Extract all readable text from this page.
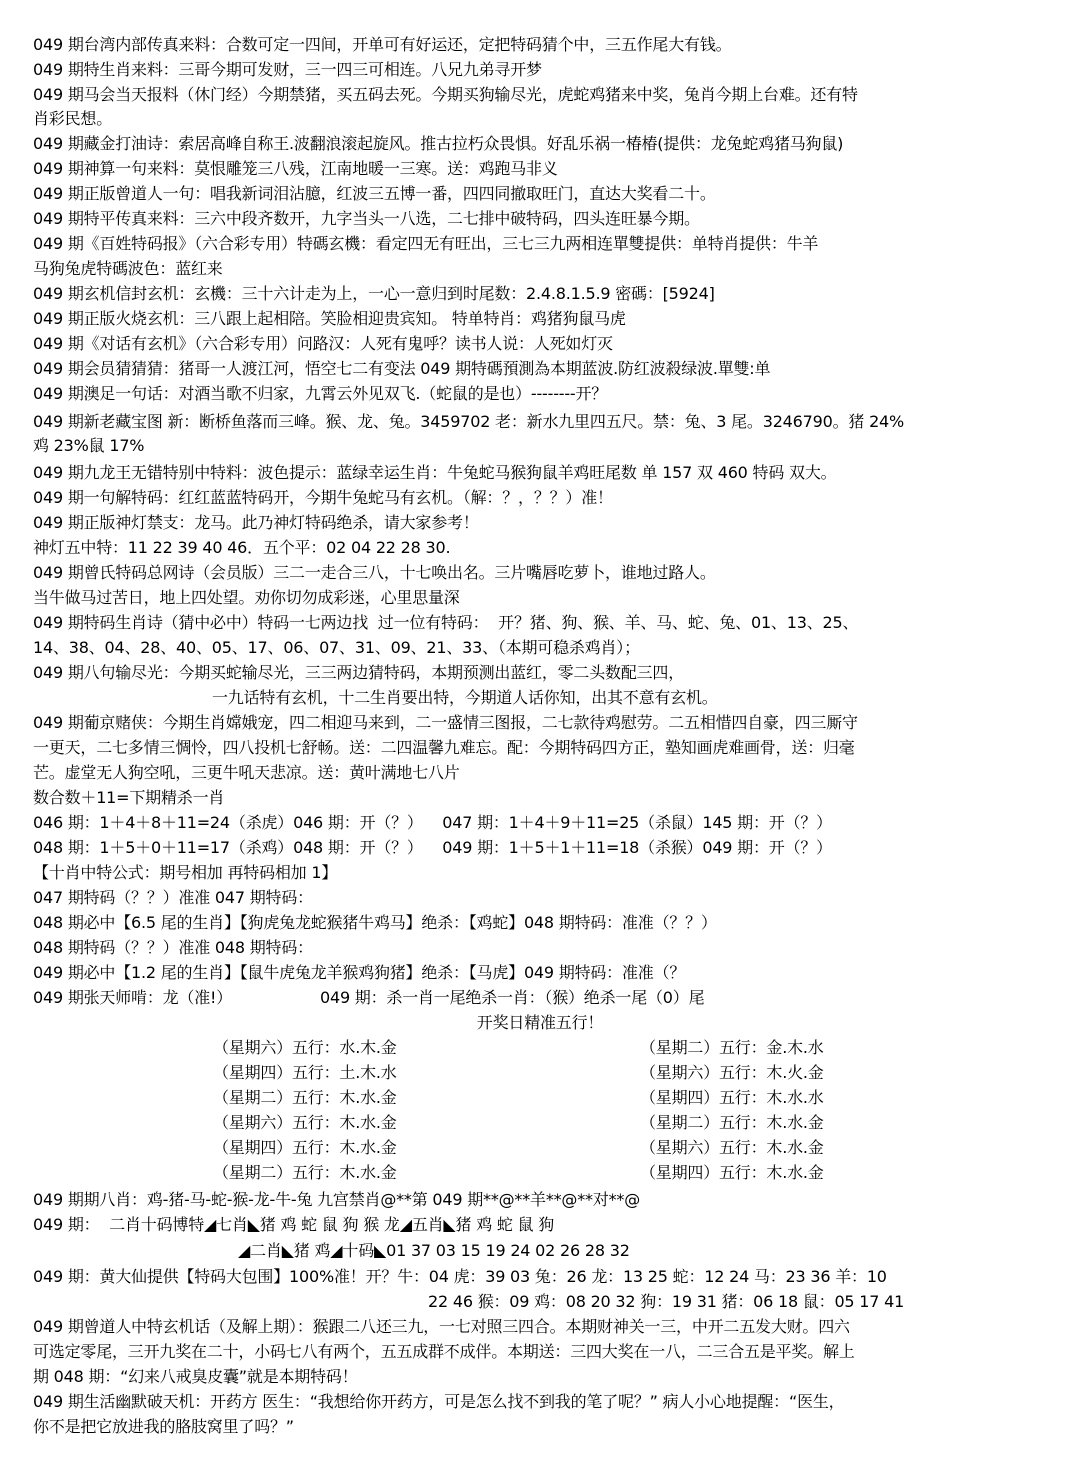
049 期台湾内部传真来料：合数可定一四间，开单可有好运还，定把特码猜个中，三五作尾大有钱。
049 期特生肖来料：三哥今期可发财，三一四三可相连。八兄九弟寻开梦
049 期马会当天报料（休门经）今期禁猪，买五码去死。今期买狗输尽光，虎蛇鸡猪来中奖，兔肖今期上台难。还有特
肖彩民想。
049 期藏金打油诗：索居高峰自称王.波翻浪滚起旋风。推古拉朽众畏惧。好乱乐祸一椿椿(提供：龙兔蛇鸡猪马狗鼠)
049 期神算一句来料：莫恨雕笼三八残，江南地暖一三寒。送：鸡跑马非义
049 期正版曾道人一句：唱我新词泪沾臆，红波三五博一番，四四同撤取旺门，直达大奖看二十。
049 期特平传真来料：三六中段齐数开，九字当头一八选，二七排中破特码，四头连旺暴今期。
049 期《百姓特码报》（六合彩专用）特碼玄機：看定四无有旺出，三七三九两相连單雙提供：单特肖提供：牛羊
马狗兔虎特碼波色：蓝红来
049 期玄机信封玄机：玄機：三十六计走为上，一心一意归到时尾数：2.4.8.1.5.9 密碼：[5924]
049 期正版火烧玄机：三八跟上起相陪。笑脸相迎贵宾知。 特单特肖：鸡猪狗鼠马虎
049 期《对话有玄机》（六合彩专用）问路汉：人死有鬼呼？读书人说：人死如灯灭
049 期会员猜猜猜：猪哥一人渡江河，悟空七二有变法 049 期特碼預測為本期蓝波.防红波殺绿波.單雙:单
049 期澳足一句话：对酒当歌不归家，九霄云外见双飞.（蛇鼠的是也）--------开？
049 期新老藏宝图 新：断桥鱼落而三峰。猴、龙、兔。3459702 老：新水九里四五尺。禁：兔、3 尾。3246790。猪 24%
鸡 23%鼠 17%
049 期九龙王无错特别中特料：波色提示：蓝绿幸运生肖：牛兔蛇马猴狗鼠羊鸡旺尾数 单 157 双 460 特码 双大。
049 期一句解特码：红红蓝蓝特码开，今期牛兔蛇马有玄机。（解：？，？？）准！
049 期正版神灯禁支：龙马。此乃神灯特码绝杀，请大家参考！
神灯五中特：11 22 39 40 46．五个平：02 04 22 28 30.
049 期曾氏特码总网诗（会员版）三二一走合三八，十七唤出名。三片嘴唇吃萝卜，谁地过路人。
当牛做马过苦日，地上四处望。劝你切勿成彩迷，心里思量深
049 期特码生肖诗（猜中必中）特码一七两边找  过一位有特码：  开？猪、狗、猴、羊、马、蛇、兔、01、13、25、
14、38、04、28、40、05、17、06、07、31、09、21、33、（本期可稳杀鸡肖）；
049 期八句输尽光：今期买蛇输尽光，三三两边猜特码，本期预测出蓝红，零二头数配三四，
一九话特有玄机，十二生肖要出特，今期道人话你知，出其不意有玄机。
049 期葡京赌侠：今期生肖嫦娥宠，四二相迎马来到，二一盛情三图报，二七款待鸡慰劳。二五相惜四自豪，四三厮守
一更天，二七多情三惆怜，四八投机七舒畅。送：二四温馨九难忘。配：今期特码四方正，塾知画虎难画骨，送：归毫
芒。虚堂无人狗空吼，三更牛吼天悲凉。送：黄叶满地七八片
数合数＋11=下期精杀一肖
046 期：1＋4＋8＋11=24（杀虎）046 期：开（？）    047 期：1＋4＋9＋11=25（杀鼠）145 期：开（？）
048 期：1＋5＋0＋11=17（杀鸡）048 期：开（？）    049 期：1＋5＋1＋11=18（杀猴）049 期：开（？）
【十肖中特公式：期号相加 再特码相加 1】
047 期特码（？？）准准 047 期特码：
048 期必中【6.5 尾的生肖】【狗虎兔龙蛇猴猪牛鸡马】绝杀：【鸡蛇】048 期特码：准准（？？）
048 期特码（？？）准准 048 期特码：
049 期必中【1.2 尾的生肖】【鼠牛虎兔龙羊猴鸡狗猪】绝杀：【马虎】049 期特码：准准（？
049 期张天师啃：龙（准!）                  049 期：杀一肖一尾绝杀一肖：（猴）绝杀一尾（0）尾
开奖日精准五行！
（星期六）五行：水.木.金
（星期四）五行：土.木.水
（星期二）五行：木.水.金
（星期六）五行：木.水.金
（星期四）五行：木.水.金
（星期二）五行：木.水.金
（星期二）五行：金.木.水
（星期六）五行：木.火.金
（星期四）五行：木.水.水
（星期二）五行：木.水.金
（星期六）五行：木.水.金
（星期四）五行：木.水.金
049 期期八肖：鸡-猪-马-蛇-猴-龙-牛-兔 九宫禁肖@**第 049 期**@**羊**@**对**@
049 期：  二肖十码博特◢七肖◣猪 鸡 蛇 鼠 狗 猴 龙◢五肖◣猪 鸡 蛇 鼠 狗
◢二肖◣猪 鸡◢十码◣01 37 03 15 19 24 02 26 28 32
049 期：黄大仙提供【特码大包围】100%准！开？牛：04 虎：39 03 兔：26 龙：13 25 蛇：12 24 马：23 36 羊：10
22 46 猴：09 鸡：08 20 32 狗：19 31 猪：06 18 鼠：05 17 41
049 期曾道人中特玄机话（及解上期）：猴跟二八还三九，一七对照三四合。本期财神关一三，中开二五发大财。四六
可选定零尾，三开九奖在二十，小码七八有两个，五五成群不成伴。本期送：三四大奖在一八，二三合五是平奖。解上
期 048 期：“幻来八戒臭皮囊”就是本期特码！
049 期生活幽默破天机：开药方 医生：“我想给你开药方，可是怎么找不到我的笔了呢？” 病人小心地提醒：“医生，
你不是把它放进我的胳肢窝里了吗？”
